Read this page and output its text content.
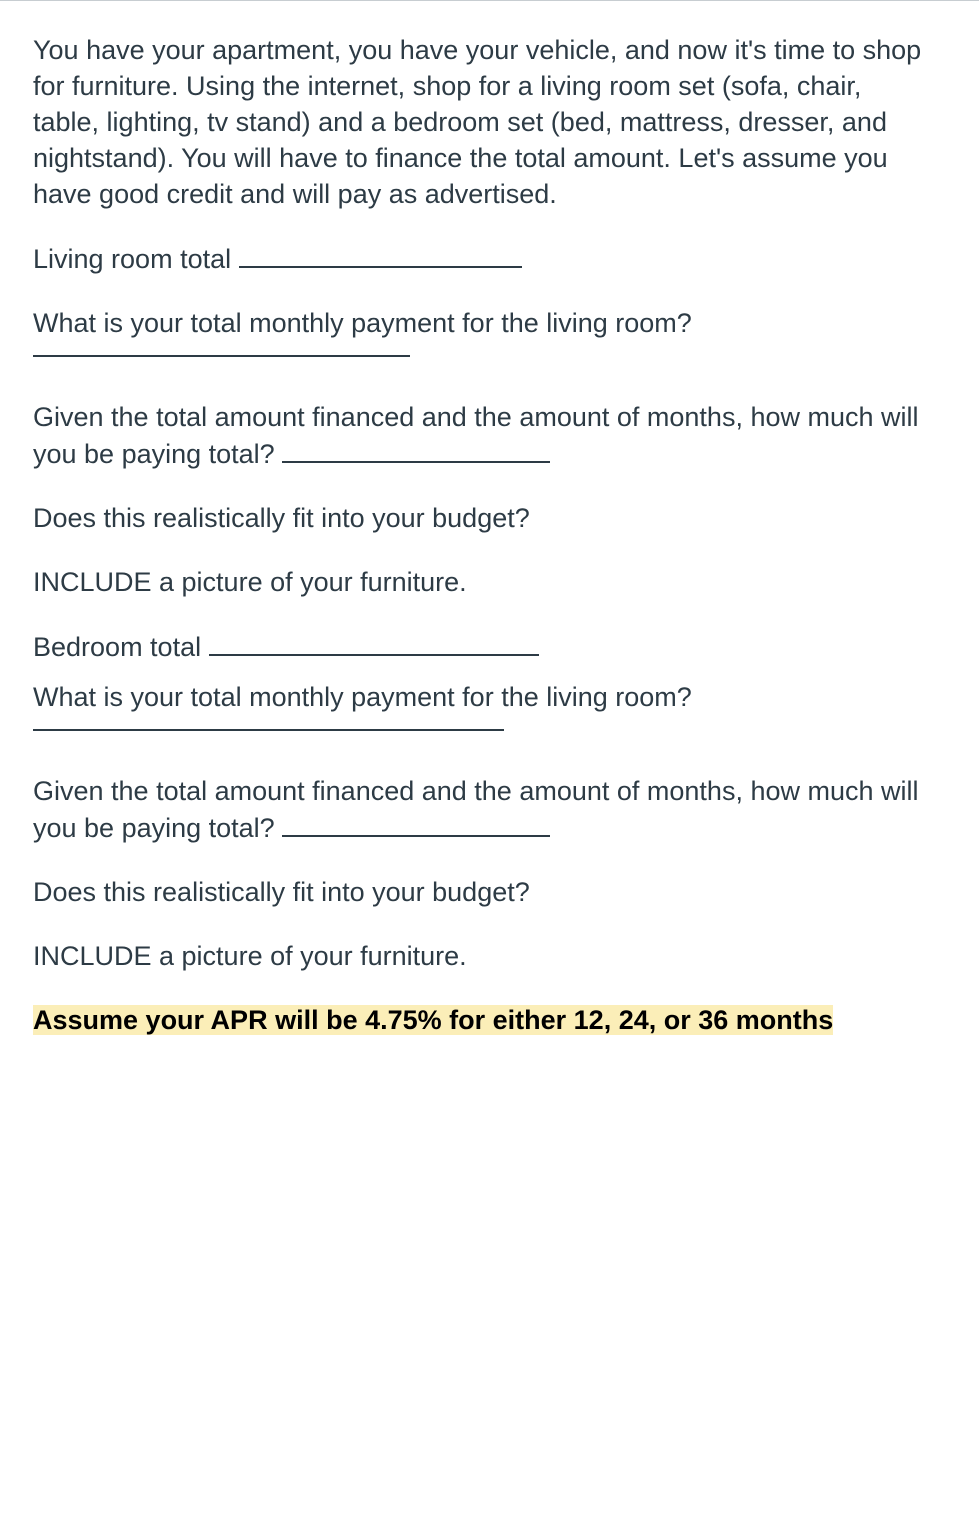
You have your apartment, you have your vehicle, and now it's time to shop for furniture. Using the internet, shop for a living room set (sofa, chair, table, lighting, tv stand) and a bedroom set (bed, mattress, dresser, and nightstand). You will have to finance the total amount. Let's assume you have good credit and will pay as advertised.

Living room total

What is your total monthly payment for the living room?

Given the total amount financed and the amount of months, how much will you be paying total?

Does this realistically fit into your budget?

INCLUDE a picture of your furniture.

Bedroom total

What is your total monthly payment for the living room?

Given the total amount financed and the amount of months, how much will you be paying total?

Does this realistically fit into your budget?

INCLUDE a picture of your furniture.

Assume your APR will be 4.75% for either 12, 24, or 36 months
